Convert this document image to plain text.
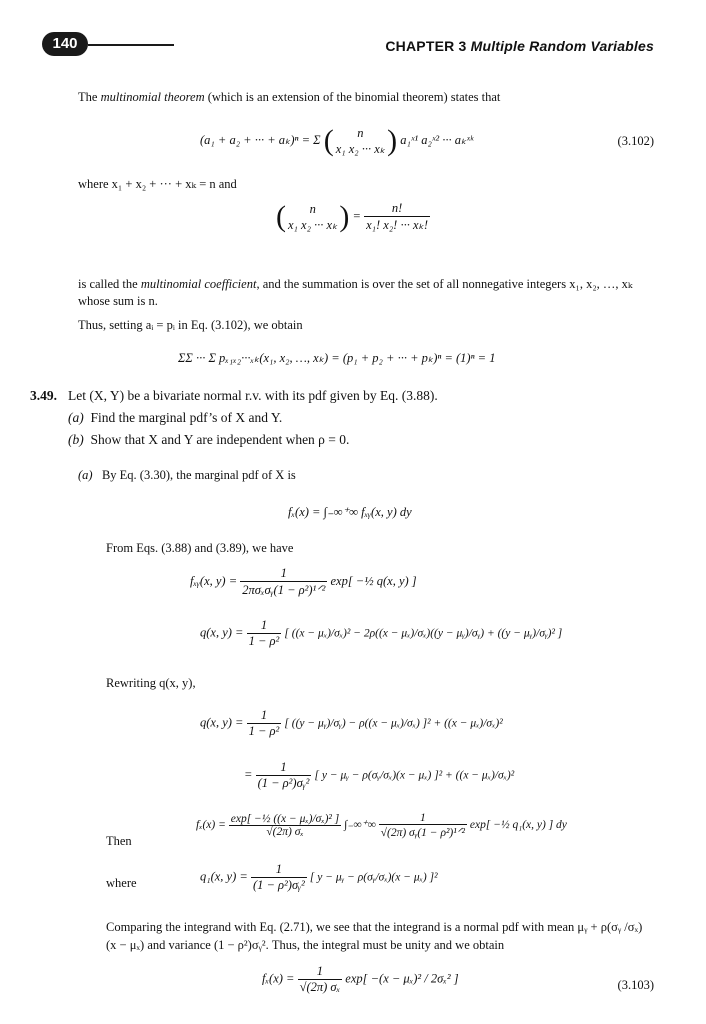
140	CHAPTER 3 Multiple Random Variables
The multinomial theorem (which is an extension of the binomial theorem) states that
(a₁ + a₂ + ··· + aₖ)ⁿ = Σ (	n
x₁ x₂ ··· xₖ ) a₁ˣ¹ a₂ˣ² ··· aₖˣᵏ	(3.102)
where x₁ + x₂ + ··· + xₖ = n and
(	n
x₁ x₂ ··· xₖ ) = $\frac{n!}{\text{x₁! x₂! ··· xₖ!}}$
is called the multinomial coefficient, and the summation is over the set of all nonnegative integers x₁, x₂, …, xₖ
whose sum is n.
Thus, setting aᵢ = pᵢ in Eq. (3.102), we obtain
ΣΣ ··· Σ pₓ₁ₓ₂···ₓₖ(x₁, x₂, …, xₖ) = (p₁ + p₂ + ··· + pₖ)ⁿ = (1)ⁿ = 1
3.49. Let (X, Y) be a bivariate normal r.v. with its pdf given by Eq. (3.88).
(a) Find the marginal pdf’s of X and Y.
(b) Show that X and Y are independent when ρ = 0.
(a) By Eq. (3.30), the marginal pdf of X is
fₓ(x) = ∫₋∞⁺∞ fₓᵧ(x, y) dy
From Eqs. (3.88) and (3.89), we have
fₓᵧ(x, $y) = \frac{1}{\text{2πσₓσᵧ(1 − ρ²)¹ᐟ²}} \exp$[ −½ q(x, y) ]
q(x, $y) = \frac{1}{\text{1 − ρ²}}$ [ ((x − μₓ)/σₓ)² − 2ρ((x − μₓ)/σₓ)((y − μᵧ)/σᵧ) + ((y − μᵧ)/σᵧ)² ]
Rewriting q(x, y),
q(x, $y) = \frac{1}{\text{1 − ρ²}}$ [ ((y − μᵧ)/σᵧ) − ρ((x − μₓ)/σₓ) ]² + ((x − μₓ)/σₓ)²
= $\frac{1}{\text{(1 − ρ²)σᵧ²}}$ [ y − μᵧ − ρ(σᵧ/σₓ)(x − μₓ) ]² + ((x − μₓ)/σₓ)²
Then
$f_x(x) = \frac{\text{exp[ −½ ((x − μₓ)/σₓ)² ]}}{\text{√(2π) σₓ}}$ ∫₋∞⁺∞ $\frac{1}{\text{√(2π) σᵧ(1 − ρ²)¹ᐟ²}} \exp$[ −½ q₁(x, y) ] dy
where	q₁(x, $y) = \frac{1}{\text{(1 − ρ²)σᵧ²}}$ [ y − μᵧ − ρ(σᵧ/σₓ)(x − μₓ) ]²
Comparing the integrand with Eq. (2.71), we see that the integrand is a normal pdf with mean μᵧ + ρ(σᵧ /σₓ)
(x − μₓ) and variance (1 − ρ²)σᵧ². Thus, the integral must be unity and we obtain
$f_x(x) = \frac{1}{\text{√(2π) σₓ}} \exp[ -(x - \mu_x)^2 / 2\sigma_x^2$ ]	(3.103)
